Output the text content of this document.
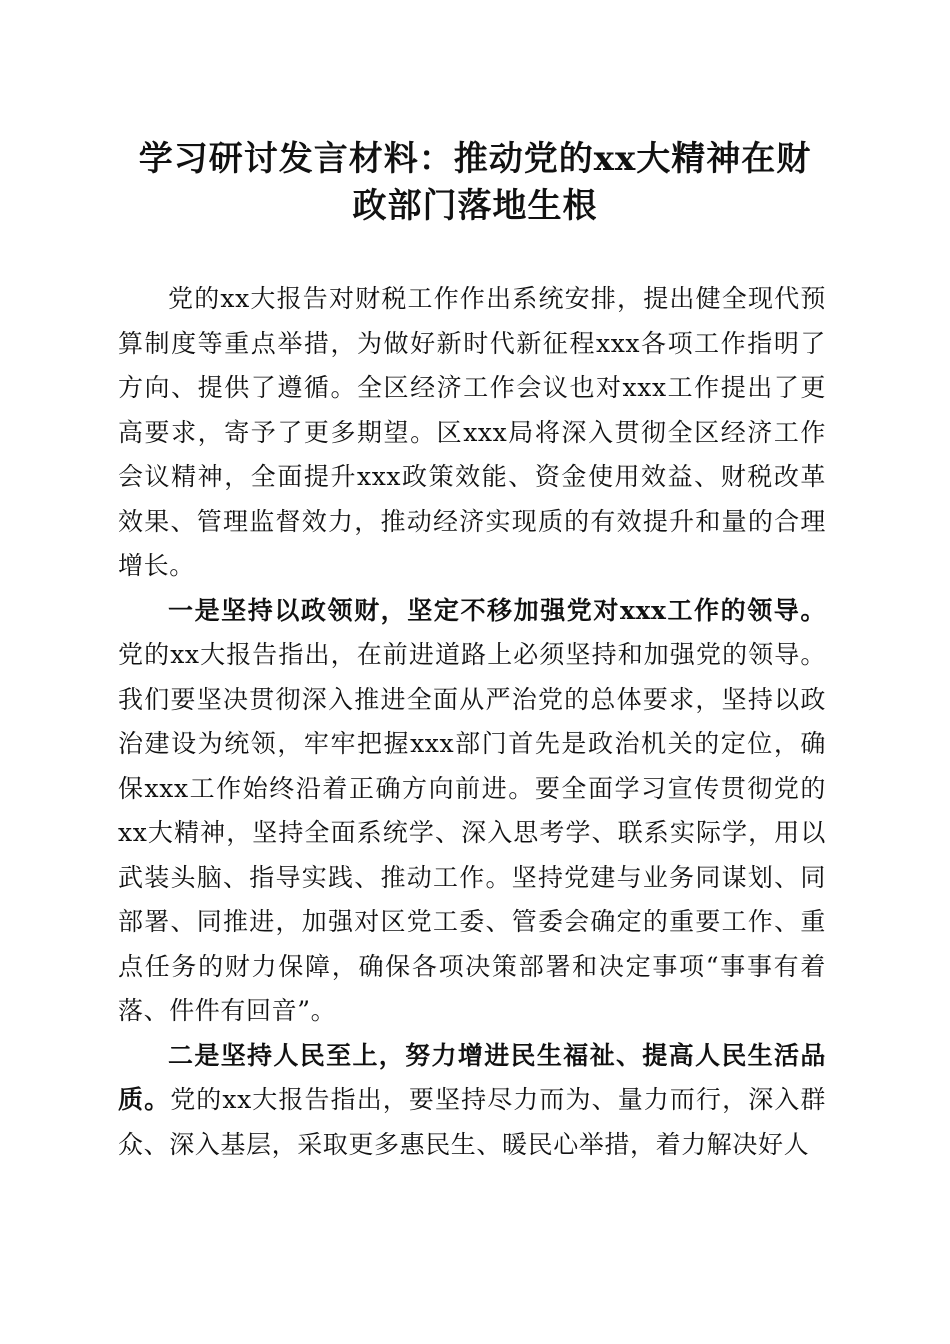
学习研讨发言材料：推动党的xx大精神在财
政部门落地生根

党的xx大报告对财税工作作出系统安排，提出健全现代预算制度等重点举措，为做好新时代新征程xxx各项工作指明了方向、提供了遵循。全区经济工作会议也对xxx工作提出了更高要求，寄予了更多期望。区xxx局将深入贯彻全区经济工作会议精神，全面提升xxx政策效能、资金使用效益、财税改革效果、管理监督效力，推动经济实现质的有效提升和量的合理增长。

一是坚持以政领财，坚定不移加强党对xxx工作的领导。党的xx大报告指出，在前进道路上必须坚持和加强党的领导。我们要坚决贯彻深入推进全面从严治党的总体要求，坚持以政治建设为统领，牢牢把握xxx部门首先是政治机关的定位，确保xxx工作始终沿着正确方向前进。要全面学习宣传贯彻党的xx大精神，坚持全面系统学、深入思考学、联系实际学，用以武装头脑、指导实践、推动工作。坚持党建与业务同谋划、同部署、同推进，加强对区党工委、管委会确定的重要工作、重点任务的财力保障，确保各项决策部署和决定事项“事事有着落、件件有回音”。

二是坚持人民至上，努力增进民生福祉、提高人民生活品质。党的xx大报告指出，要坚持尽力而为、量力而行，深入群众、深入基层，采取更多惠民生、暖民心举措，着力解决好人
